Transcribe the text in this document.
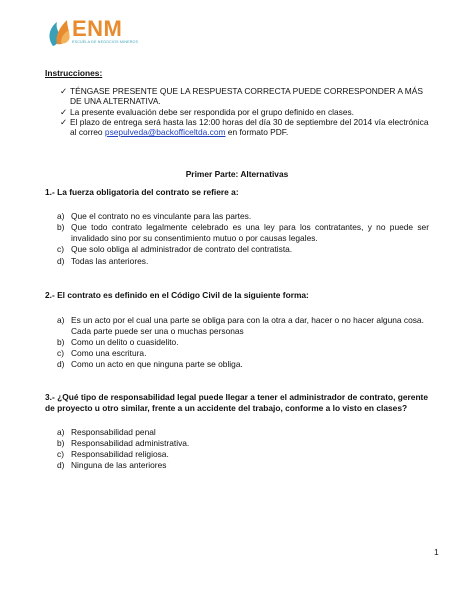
ENM
ESCUELA DE NEGOCIOS MINEROS
Instrucciones:
✓ TÉNGASE PRESENTE QUE LA RESPUESTA CORRECTA PUEDE CORRESPONDER A MÁS
DE UNA ALTERNATIVA.
✓ La presente evaluación debe ser respondida por el grupo definido en clases.
✓ El plazo de entrega será hasta las 12:00 horas del día 30 de septiembre del 2014 vía electrónica
al correo psepulveda@backofficeltda.com en formato PDF.
Primer Parte: Alternativas
1.- La fuerza obligatoria del contrato se refiere a:
a) Que el contrato no es vinculante para las partes.
b) Que todo contrato legalmente celebrado es una ley para los contratantes, y no puede ser
invalidado sino por su consentimiento mutuo o por causas legales.
c) Que solo obliga al administrador de contrato del contratista.
d) Todas las anteriores.
2.- El contrato es definido en el Código Civil de la siguiente forma:
a) Es un acto por el cual una parte se obliga para con la otra a dar, hacer o no hacer alguna cosa.
Cada parte puede ser una o muchas personas
b) Como un delito o cuasidelito.
c) Como una escritura.
d) Como un acto en que ninguna parte se obliga.
3.- ¿Qué tipo de responsabilidad legal puede llegar a tener el administrador de contrato, gerente
de proyecto u otro similar, frente a un accidente del trabajo, conforme a lo visto en clases?
a) Responsabilidad penal
b) Responsabilidad administrativa.
c) Responsabilidad religiosa.
d) Ninguna de las anteriores
1
